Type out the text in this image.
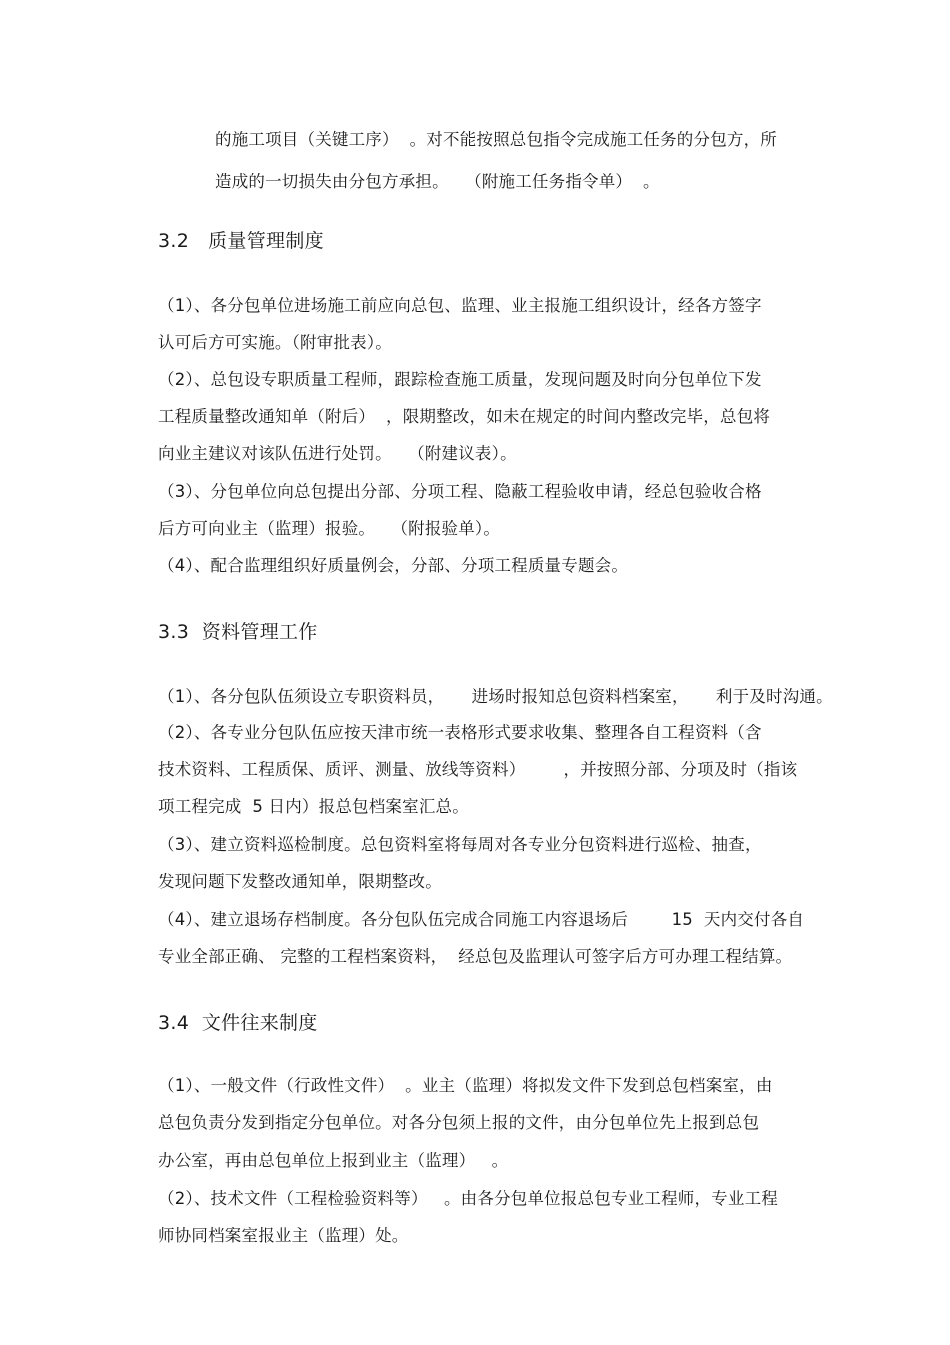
的施工项目（关键工序）  。对不能按照总包指令完成施工任务的分包方，所
造成的一切损失由分包方承担。   （附施工任务指令单）  。
3.2   质量管理制度
（1）、各分包单位进场施工前应向总包、监理、业主报施工组织设计，经各方签字
认可后方可实施。（附审批表）。
（2）、总包设专职质量工程师，跟踪检查施工质量，发现问题及时向分包单位下发
工程质量整改通知单（附后）  ，限期整改，如未在规定的时间内整改完毕，总包将
向业主建议对该队伍进行处罚。   （附建议表）。
（3）、分包单位向总包提出分部、分项工程、隐蔽工程验收申请，经总包验收合格
后方可向业主（监理）报验。   （附报验单）。
（4）、配合监理组织好质量例会，分部、分项工程质量专题会。
3.3  资料管理工作
（1）、各分包队伍须设立专职资料员，     进场时报知总包资料档案室，     利于及时沟通。
（2）、各专业分包队伍应按天津市统一表格形式要求收集、整理各自工程资料（含
技术资料、工程质保、质评、测量、放线等资料）       ，并按照分部、分项及时（指该
项工程完成  5 日内）报总包档案室汇总。
（3）、建立资料巡检制度。总包资料室将每周对各专业分包资料进行巡检、抽查，
发现问题下发整改通知单，限期整改。
（4）、建立退场存档制度。各分包队伍完成合同施工内容退场后        15  天内交付各自
专业全部正确、 完整的工程档案资料，  经总包及监理认可签字后方可办理工程结算。
3.4  文件往来制度
（1）、一般文件（行政性文件）  。业主（监理）将拟发文件下发到总包档案室，由
总包负责分发到指定分包单位。对各分包须上报的文件，由分包单位先上报到总包
办公室，再由总包单位上报到业主（监理）   。
（2）、技术文件（工程检验资料等）   。由各分包单位报总包专业工程师，专业工程
师协同档案室报业主（监理）处。
